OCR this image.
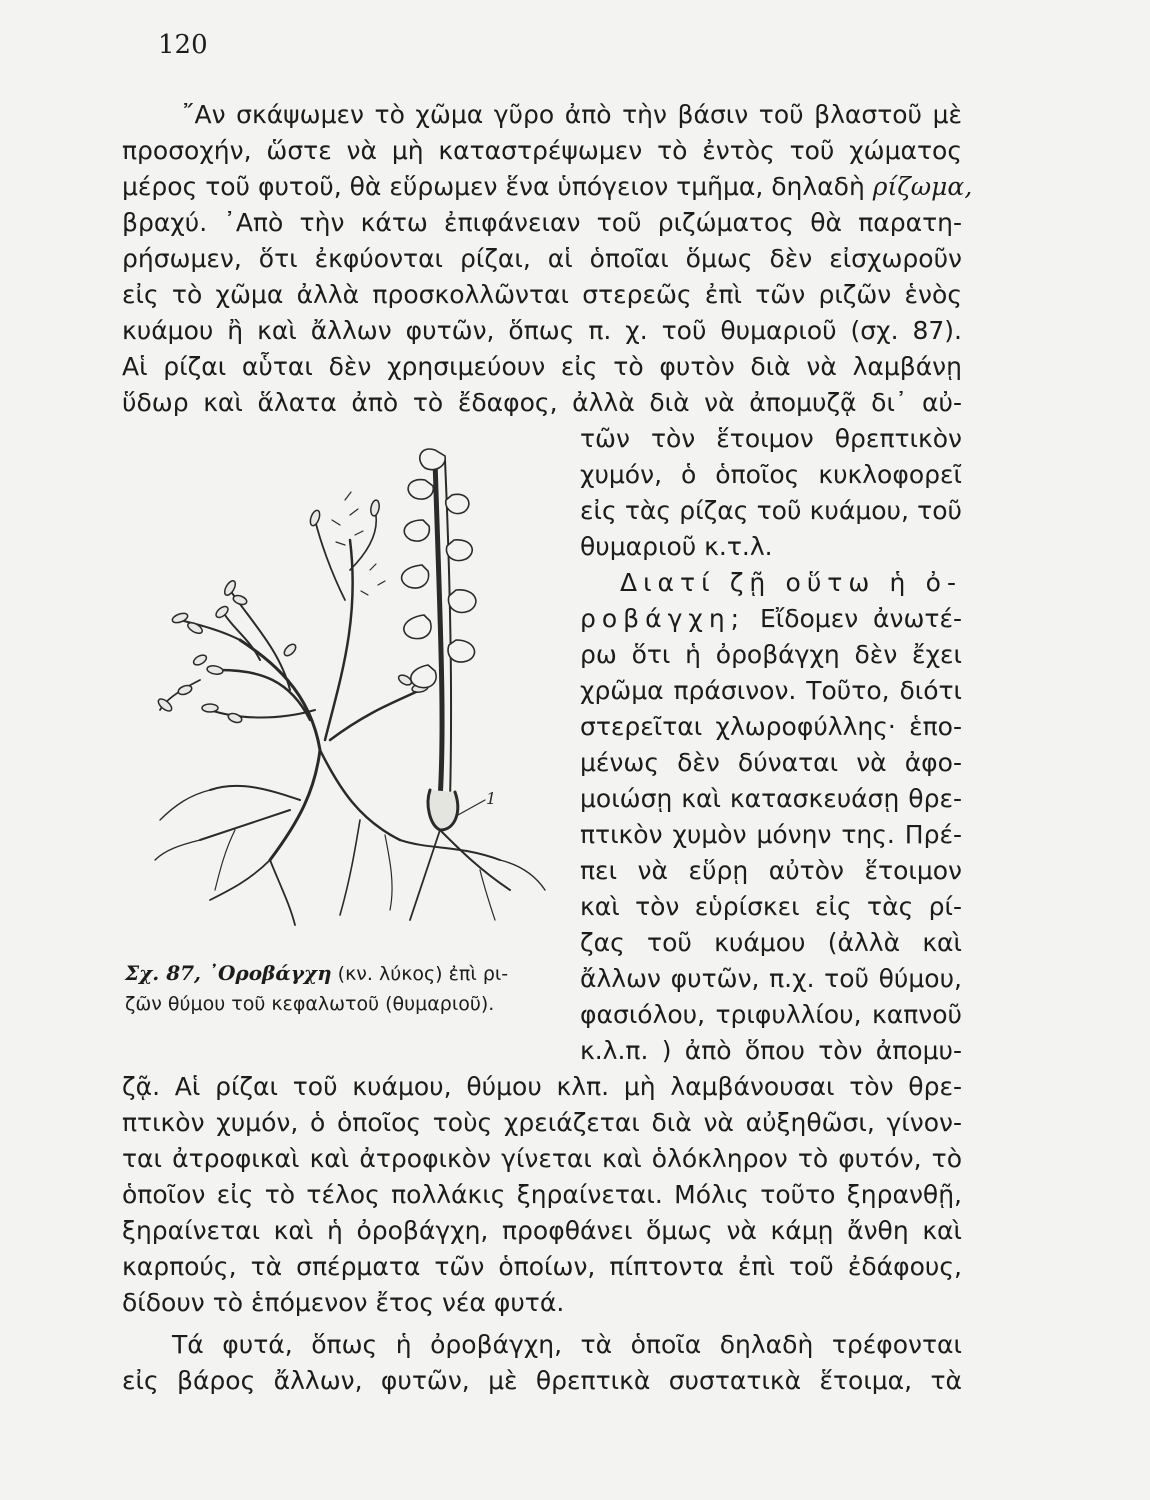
120
῎Αν σκάψωμεν τὸ χῶμα γῦρο ἀπὸ τὴν βάσιν τοῦ βλαστοῦ μὲ
προσοχήν, ὥστε νὰ μὴ καταστρέψωμεν τὸ ἐντὸς τοῦ χώματος
μέρος τοῦ φυτοῦ, θὰ εὕρωμεν ἕνα ὑπόγειον τμῆμα, δηλαδὴ ρίζωμα,
βραχύ. ᾿Απὸ τὴν κάτω ἐπιφάνειαν τοῦ ριζώματος θὰ παρατη-
ρήσωμεν, ὅτι ἐκφύονται ρίζαι, αἱ ὁποῖαι ὅμως δὲν εἰσχωροῦν
εἰς τὸ χῶμα ἀλλὰ προσκολλῶνται στερεῶς ἐπὶ τῶν ριζῶν ἑνὸς
κυάμου ἢ καὶ ἄλλων φυτῶν, ὅπως π. χ. τοῦ θυμαριοῦ (σχ. 87).
Αἱ ρίζαι αὗται δὲν χρησιμεύουν εἰς τὸ φυτὸν διὰ νὰ λαμβάνῃ
ὕδωρ καὶ ἅλατα ἀπὸ τὸ ἔδαφος, ἀλλὰ διὰ νὰ ἀπομυζᾷ δι᾿ αὐ-
τῶν τὸν ἕτοιμον θρεπτικὸν
χυμόν, ὁ ὁποῖος κυκλοφορεῖ
εἰς τὰς ρίζας τοῦ κυάμου, τοῦ
θυμαριοῦ κ.τ.λ.
Διατί ζῇ οὕτω ἡ ὀ-
ροβάγχη; Εἴδομεν ἀνωτέ-
ρω ὅτι ἡ ὀροβάγχη δὲν ἔχει
χρῶμα πράσινον. Τοῦτο, διότι
στερεῖται χλωροφύλλης· ἑπο-
μένως δὲν δύναται νὰ ἀφο-
μοιώσῃ καὶ κατασκευάσῃ θρε-
πτικὸν χυμὸν μόνην της. Πρέ-
πει νὰ εὕρῃ αὐτὸν ἕτοιμον
καὶ τὸν εὑρίσκει εἰς τὰς ρί-
ζας τοῦ κυάμου (ἀλλὰ καὶ
ἄλλων φυτῶν, π.χ. τοῦ θύμου,
φασιόλου, τριφυλλίου, καπνοῦ
κ.λ.π. ) ἀπὸ ὅπου τὸν ἀπομυ-
ζᾷ. Αἱ ρίζαι τοῦ κυάμου, θύμου κλπ. μὴ λαμβάνουσαι τὸν θρε-
πτικὸν χυμόν, ὁ ὁποῖος τοὺς χρειάζεται διὰ νὰ αὐξηθῶσι, γίνον-
ται ἀτροφικαὶ καὶ ἀτροφικὸν γίνεται καὶ ὁλόκληρον τὸ φυτόν, τὸ
ὁποῖον εἰς τὸ τέλος πολλάκις ξηραίνεται. Μόλις τοῦτο ξηρανθῇ,
ξηραίνεται καὶ ἡ ὀροβάγχη, προφθάνει ὅμως νὰ κάμῃ ἄνθη καὶ
καρπούς, τὰ σπέρματα τῶν ὁποίων, πίπτοντα ἐπὶ τοῦ ἐδάφους,
δίδουν τὸ ἑπόμενον ἔτος νέα φυτά.
Τά φυτά, ὅπως ἡ ὀροβάγχη, τὰ ὁποῖα δηλαδὴ τρέφονται
εἰς βάρος ἄλλων, φυτῶν, μὲ θρεπτικὰ συστατικὰ ἕτοιμα, τὰ
1
Σχ. 87, ᾿Οροβάγχη (κν. λύκος) ἐπὶ ρι-
ζῶν θύμου τοῦ κεφαλωτοῦ (θυμαριοῦ).
